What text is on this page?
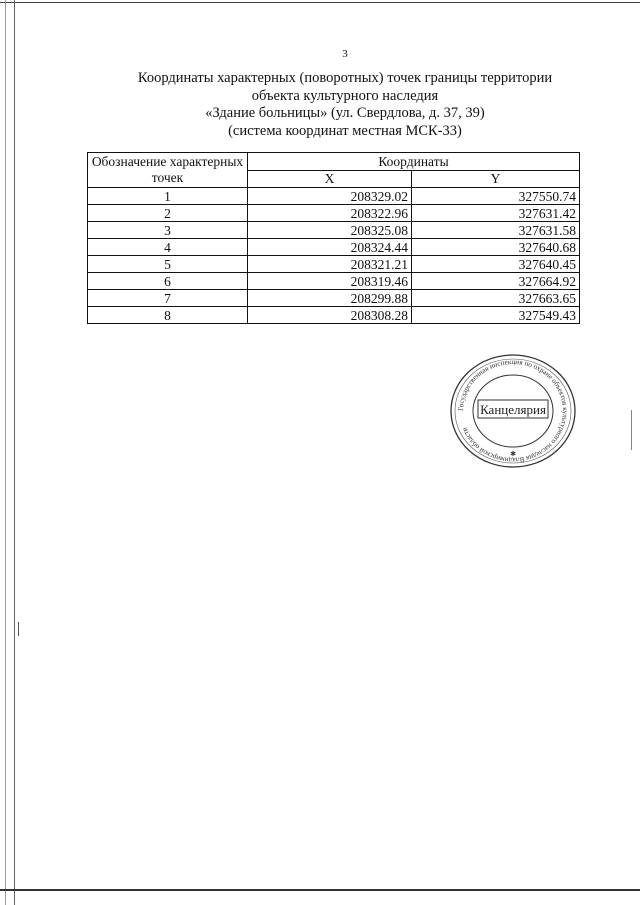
3
Координаты характерных (поворотных) точек границы территории
объекта культурного наследия
«Здание больницы» (ул. Свердлова, д. 37, 39)
(система координат местная МСК-33)
Обозначение характерных точек	Координаты	
	X	Y
1	208329.02	327550.74
2	208322.96	327631.42
3	208325.08	327631.58
4	208324.44	327640.68
5	208321.21	327640.45
6	208319.46	327664.92
7	208299.88	327663.65
8	208308.28	327549.43
Государственная инспекция по охране объектов культурного наследия Владимирской области
Канцелярия
✱
